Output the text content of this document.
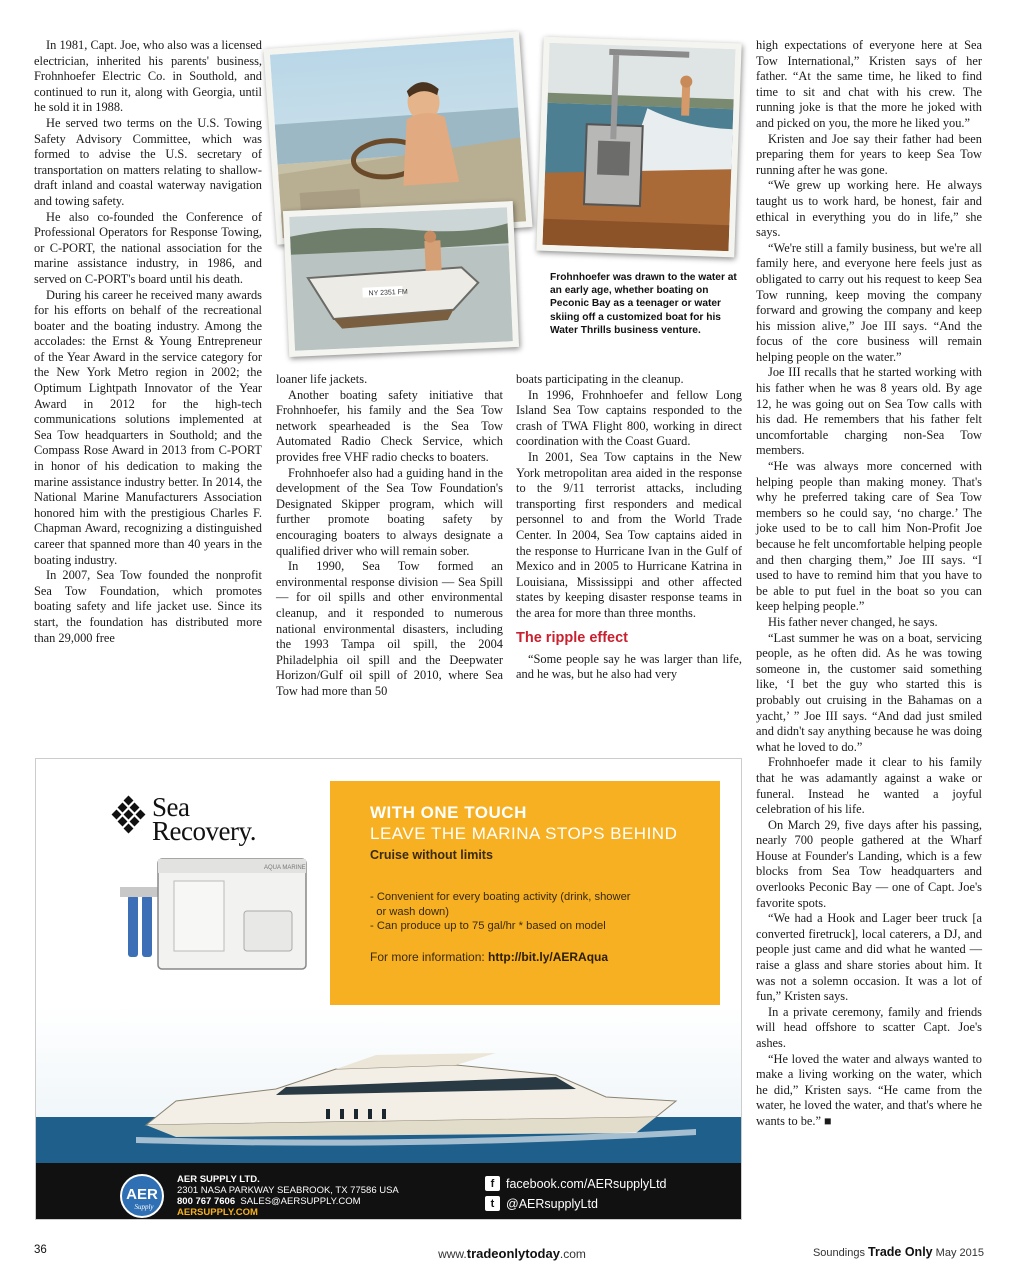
In 1981, Capt. Joe, who also was a licensed electrician, inherited his parents' business, Frohnhoefer Electric Co. in Southold, and continued to run it, along with Georgia, until he sold it in 1988.

He served two terms on the U.S. Towing Safety Advisory Committee, which was formed to advise the U.S. secretary of transportation on matters relating to shallow-draft inland and coastal waterway navigation and towing safety.

He also co-founded the Conference of Professional Operators for Response Towing, or C-PORT, the national association for the marine assistance industry, in 1986, and served on C-PORT's board until his death.

During his career he received many awards for his efforts on behalf of the recreational boater and the boating industry. Among the accolades: the Ernst & Young Entrepreneur of the Year Award in the service category for the New York Metro region in 2002; the Optimum Lightpath Innovator of the Year Award in 2012 for the high-tech communications solutions implemented at Sea Tow headquarters in Southold; and the Compass Rose Award in 2013 from C-PORT in honor of his dedication to making the marine assistance industry better. In 2014, the National Marine Manufacturers Association honored him with the prestigious Charles F. Chapman Award, recognizing a distinguished career that spanned more than 40 years in the boating industry.

In 2007, Sea Tow founded the nonprofit Sea Tow Foundation, which promotes boating safety and life jacket use. Since its start, the foundation has distributed more than 29,000 free

NY 2351 FM
Frohnhoefer was drawn to the water at an early age, whether boating on Peconic Bay as a teenager or water skiing off a customized boat for his Water Thrills business venture.

loaner life jackets.

Another boating safety initiative that Frohnhoefer, his family and the Sea Tow network spearheaded is the Sea Tow Automated Radio Check Service, which provides free VHF radio checks to boaters.

Frohnhoefer also had a guiding hand in the development of the Sea Tow Foundation's Designated Skipper program, which will further promote boating safety by encouraging boaters to always designate a qualified driver who will remain sober.

In 1990, Sea Tow formed an environmental response division — Sea Spill — for oil spills and other environmental cleanup, and it responded to numerous national environmental disasters, including the 1993 Tampa oil spill, the 2004 Philadelphia oil spill and the Deepwater Horizon/Gulf oil spill of 2010, where Sea Tow had more than 50

boats participating in the cleanup.

In 1996, Frohnhoefer and fellow Long Island Sea Tow captains responded to the crash of TWA Flight 800, working in direct coordination with the Coast Guard.

In 2001, Sea Tow captains in the New York metropolitan area aided in the response to the 9/11 terrorist attacks, including transporting first responders and medical personnel to and from the World Trade Center. In 2004, Sea Tow captains aided in the response to Hurricane Ivan in the Gulf of Mexico and in 2005 to Hurricane Katrina in Louisiana, Mississippi and other affected states by keeping disaster response teams in the area for more than three months.

The ripple effect

“Some people say he was larger than life, and he was, but he also had very

high expectations of everyone here at Sea Tow International,” Kristen says of her father. “At the same time, he liked to find time to sit and chat with his crew. The running joke is that the more he joked with and picked on you, the more he liked you.”

Kristen and Joe say their father had been preparing them for years to keep Sea Tow running after he was gone.

“We grew up working here. He always taught us to work hard, be honest, fair and ethical in everything you do in life,” she says.

“We're still a family business, but we're all family here, and everyone here feels just as obligated to carry out his request to keep Sea Tow running, keep moving the company forward and growing the company and keep his mission alive,” Joe III says. “And the focus of the core business will remain helping people on the water.”

Joe III recalls that he started working with his father when he was 8 years old. By age 12, he was going out on Sea Tow calls with his dad. He remembers that his father felt uncomfortable charging non-Sea Tow members.

“He was always more concerned with helping people than making money. That's why he preferred taking care of Sea Tow members so he could say, ‘no charge.’ The joke used to be to call him Non-Profit Joe because he felt uncomfortable helping people and then charging them,” Joe III says. “I used to have to remind him that you have to be able to put fuel in the boat so you can keep helping people.”

His father never changed, he says.

“Last summer he was on a boat, servicing people, as he often did. As he was towing someone in, the customer said something like, ‘I bet the guy who started this is probably out cruising in the Bahamas on a yacht,’ ” Joe III says. “And dad just smiled and didn't say anything because he was doing what he loved to do.”

Frohnhoefer made it clear to his family that he was adamantly against a wake or funeral. Instead he wanted a joyful celebration of his life.

On March 29, five days after his passing, nearly 700 people gathered at the Wharf House at Founder's Landing, which is a few blocks from Sea Tow headquarters and overlooks Peconic Bay — one of Capt. Joe's favorite spots.

“We had a Hook and Lager beer truck [a converted firetruck], local caterers, a DJ, and people just came and did what he wanted — raise a glass and share stories about him. It was not a solemn occasion. It was a lot of fun,” Kristen says.

In a private ceremony, family and friends will head offshore to scatter Capt. Joe's ashes.

“He loved the water and always wanted to make a living working on the water, which he did,” Kristen says. “He came from the water, he loved the water, and that's where he wants to be.” ■

Sea
Recovery.
AQUA MARINE
WITH ONE TOUCH
LEAVE THE MARINA STOPS BEHIND
Cruise without limits
- Convenient for every boating activity (drink, shower
or wash down)
- Can produce up to 75 gal/hr * based on model
For more information: http://bit.ly/AERAqua
AER
Supply
AER SUPPLY LTD.
2301 NASA PARKWAY SEABROOK, TX 77586 USA
800 767 7606 SALES@AERSUPPLY.COM
AERSUPPLY.COM
f facebook.com/AERsupplyLtd
t @AERsupplyLtd
36	www.tradeonlytoday.com	Soundings Trade Only May 2015
